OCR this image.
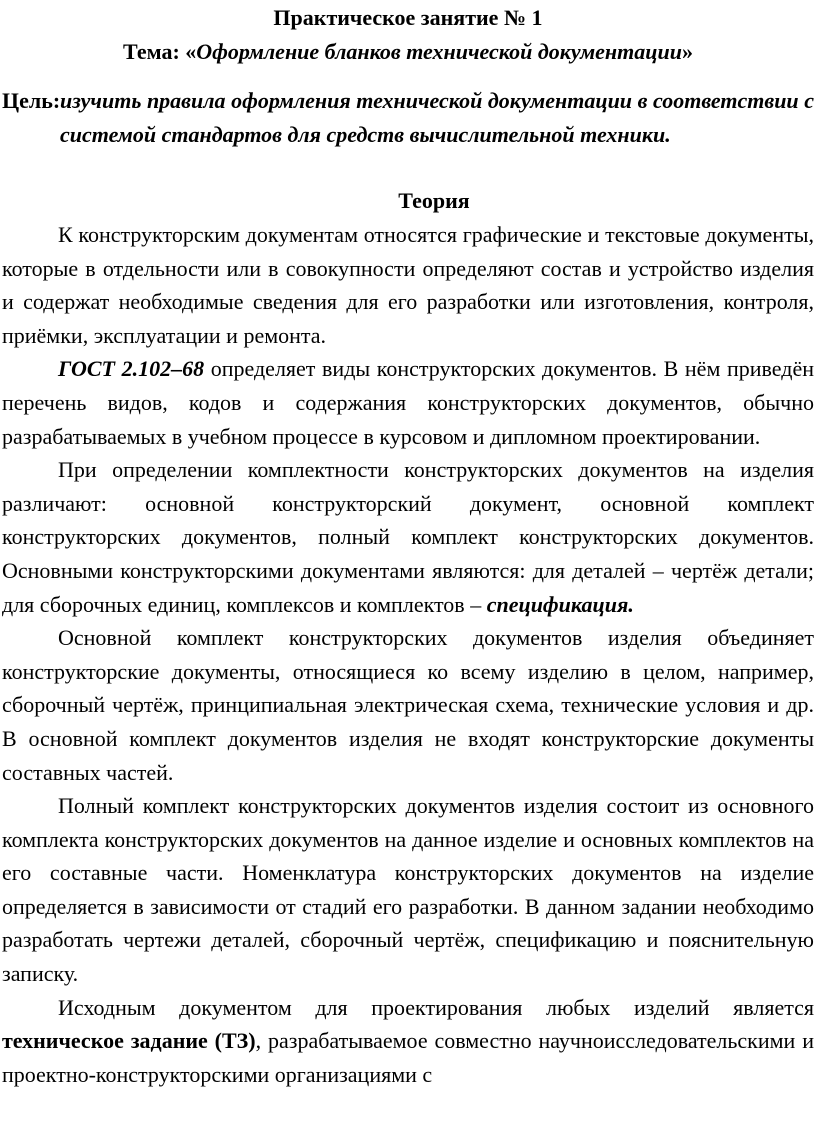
Практическое занятие № 1
Тема: «Оформление бланков технической документации»
Цель: изучить правила оформления технической документации в соответствии с системой стандартов для средств вычислительной техники.
Теория

К конструкторским документам относятся графические и текстовые документы, которые в отдельности или в совокупности определяют состав и устройство изделия и содержат необходимые сведения для его разработки или изготовления, контроля, приёмки, эксплуатации и ремонта.

ГОСТ 2.102–68 определяет виды конструкторских документов. В нём приведён перечень видов, кодов и содержания конструкторских документов, обычно разрабатываемых в учебном процессе в курсовом и дипломном проектировании.

При определении комплектности конструкторских документов на изделия различают: основной конструкторский документ, основной комплект конструкторских документов, полный комплект конструкторских документов. Основными конструкторскими документами являются: для деталей – чертёж детали; для сборочных единиц, комплексов и комплектов – спецификация.

Основной комплект конструкторских документов изделия объединяет конструкторские документы, относящиеся ко всему изделию в целом, например, сборочный чертёж, принципиальная электрическая схема, технические условия и др. В основной комплект документов изделия не входят конструкторские документы составных частей.

Полный комплект конструкторских документов изделия состоит из основного комплекта конструкторских документов на данное изделие и основных комплектов на его составные части. Номенклатура конструкторских документов на изделие определяется в зависимости от стадий его разработки. В данном задании необходимо разработать чертежи деталей, сборочный чертёж, спецификацию и пояснительную записку.

Исходным документом для проектирования любых изделий является техническое задание (ТЗ), разрабатываемое совместно научноисследовательскими и проектно-конструкторскими организациями с
